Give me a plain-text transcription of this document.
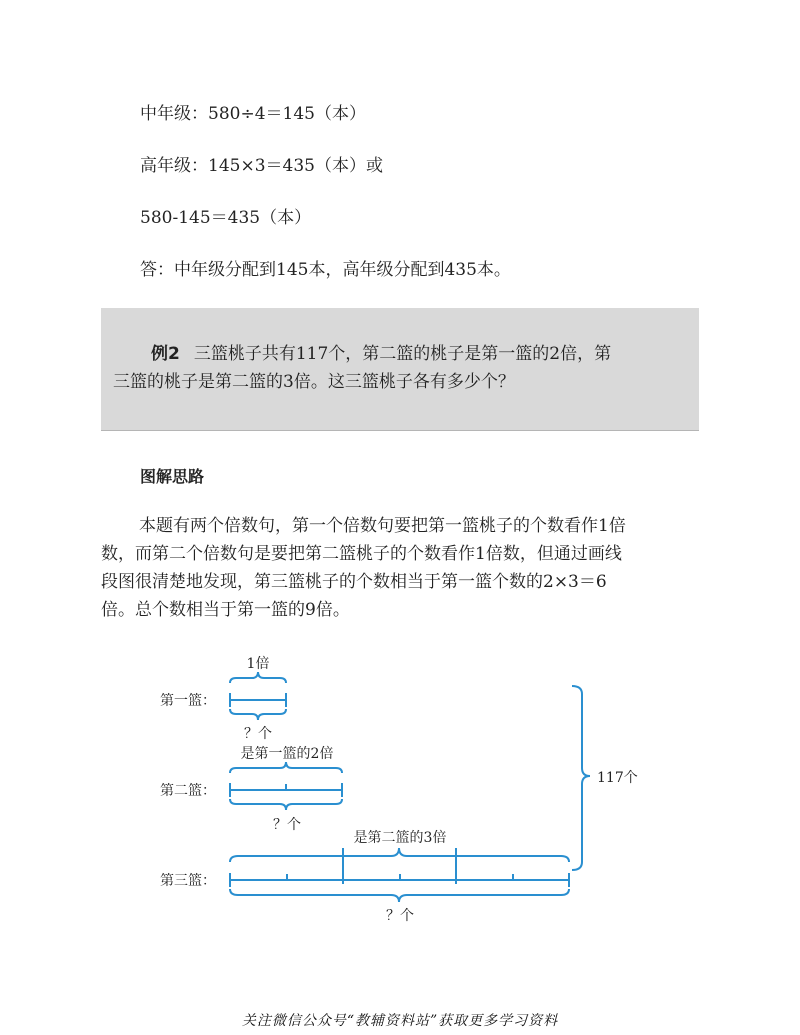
中年级：580÷4＝145（本）
高年级：145×3＝435（本）或
580-145＝435（本）
答：中年级分配到145本，高年级分配到435本。
例2 三篮桃子共有117个，第二篮的桃子是第一篮的2倍，第
三篮的桃子是第二篮的3倍。这三篮桃子各有多少个？
图解思路
本题有两个倍数句，第一个倍数句要把第一篮桃子的个数看作1倍
数，而第二个倍数句是要把第二篮桃子的个数看作1倍数，但通过画线
段图很清楚地发现，第三篮桃子的个数相当于第一篮个数的2×3＝6
倍。总个数相当于第一篮的9倍。
第一篮：
1倍
？个
第二篮：
是第一篮的2倍
？个
第三篮：
是第二篮的3倍
？个
117个
关注微信公众号“教辅资料站”获取更多学习资料
